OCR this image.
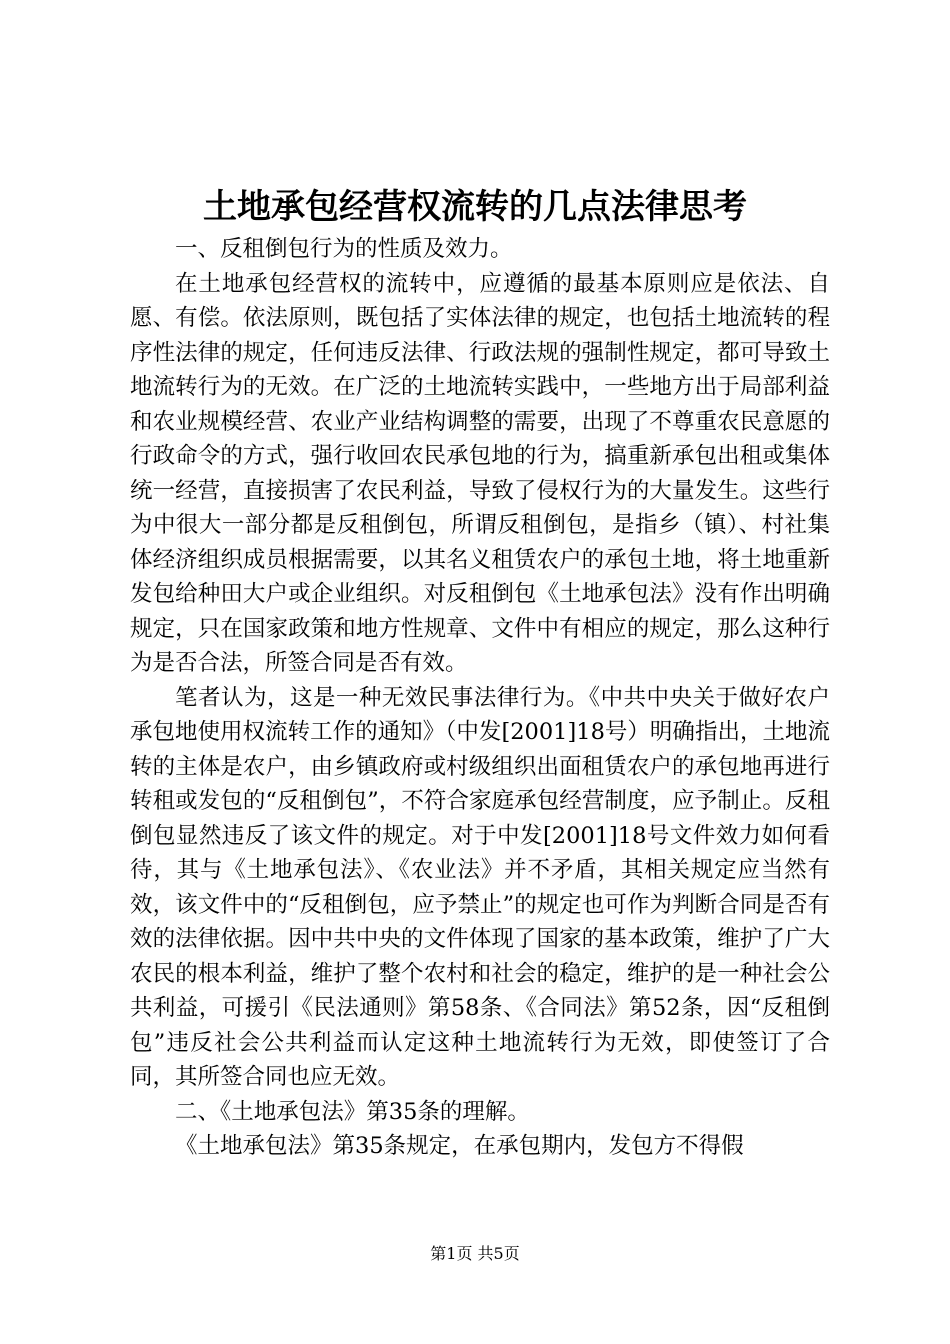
土地承包经营权流转的几点法律思考

一、反租倒包行为的性质及效力。

在土地承包经营权的流转中，应遵循的最基本原则应是依法、自愿、有偿。依法原则，既包括了实体法律的规定，也包括土地流转的程序性法律的规定，任何违反法律、行政法规的强制性规定，都可导致土地流转行为的无效。在广泛的土地流转实践中，一些地方出于局部利益和农业规模经营、农业产业结构调整的需要，出现了不尊重农民意愿的行政命令的方式，强行收回农民承包地的行为，搞重新承包出租或集体统一经营，直接损害了农民利益，导致了侵权行为的大量发生。这些行为中很大一部分都是反租倒包，所谓反租倒包，是指乡（镇）、村社集体经济组织成员根据需要，以其名义租赁农户的承包土地，将土地重新发包给种田大户或企业组织。对反租倒包《土地承包法》没有作出明确规定，只在国家政策和地方性规章、文件中有相应的规定，那么这种行为是否合法，所签合同是否有效。

笔者认为，这是一种无效民事法律行为。《中共中央关于做好农户承包地使用权流转工作的通知》（中发[2001]18号）明确指出，土地流转的主体是农户，由乡镇政府或村级组织出面租赁农户的承包地再进行转租或发包的“反租倒包”，不符合家庭承包经营制度，应予制止。反租倒包显然违反了该文件的规定。对于中发[2001]18号文件效力如何看待，其与《土地承包法》、《农业法》并不矛盾，其相关规定应当然有效，该文件中的“反租倒包，应予禁止”的规定也可作为判断合同是否有效的法律依据。因中共中央的文件体现了国家的基本政策，维护了广大农民的根本利益，维护了整个农村和社会的稳定，维护的是一种社会公共利益，可援引《民法通则》第58条、《合同法》第52条，因“反租倒包”违反社会公共利益而认定这种土地流转行为无效，即使签订了合同，其所签合同也应无效。

二、《土地承包法》第35条的理解。

《土地承包法》第35条规定，在承包期内，发包方不得假

第1页 共5页
